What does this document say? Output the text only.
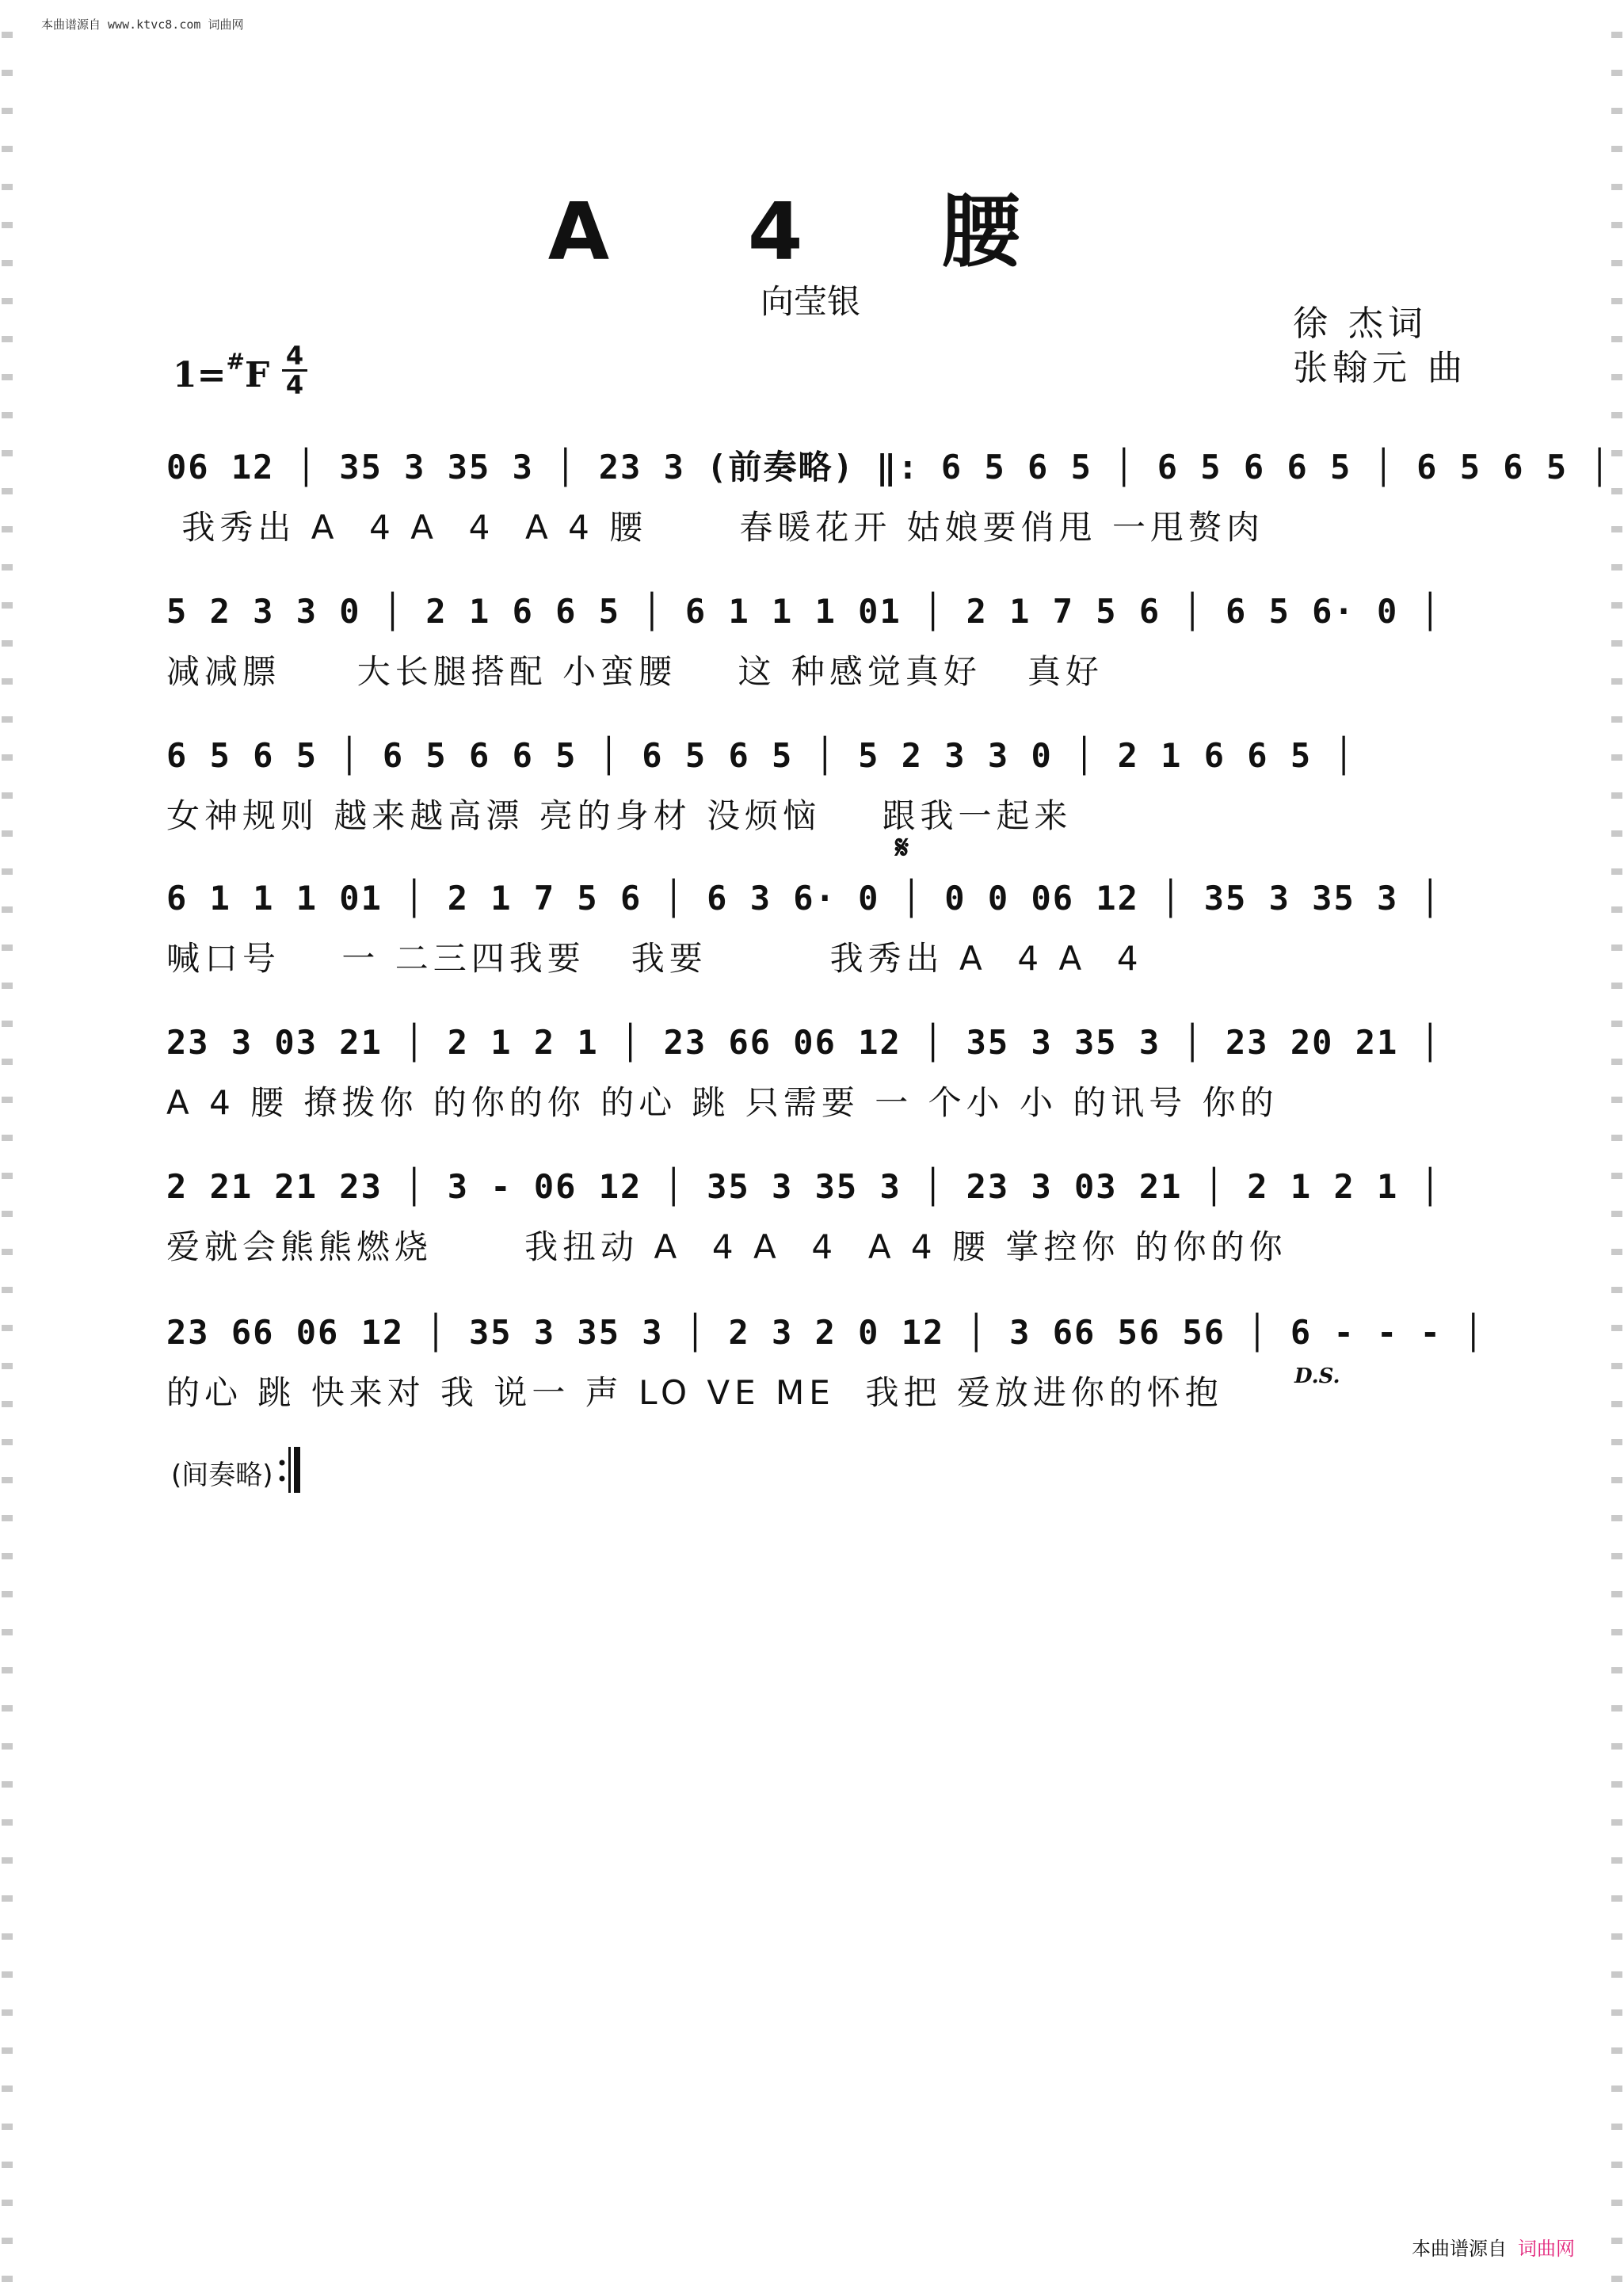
本曲谱源自 www.ktvc8.com 词曲网
A 4 腰
向莹银
徐 杰词
张翰元 曲
$1=^{\#}F \frac{4}{4}$
06 12 │ 35 3 35 3 │ 23 3 (前奏略) ‖: 6 5 6 5 │ 6 5 6 6 5 │ 6 5 6 5 │
我秀出 A  4 A  4  A 4 腰      春暖花开 姑娘要俏甩 一甩赘肉
5 2 3 3 0 │ 2 1 6 6 5 │ 6 1 1 1 01 │ 2 1 7 5 6 │ 6 5 6· 0 │
减减膘     大长腿搭配 小蛮腰    这 种感觉真好   真好
6 5 6 5 │ 6 5 6 6 5 │ 6 5 6 5 │ 5 2 3 3 0 │ 2 1 6 6 5 │
女神规则 越来越高漂 亮的身材 没烦恼    跟我一起来
6 1 1 1 01 │ 2 1 7 5 6 │ 6 3 6· 0 │ 0 0 06 12 │ 35 3 35 3 │
喊口号    一 二三四我要   我要        我秀出 A  4 A  4
23 3 03 21 │ 2 1 2 1 │ 23 66 06 12 │ 35 3 35 3 │ 23 20 21 │
A 4 腰 撩拨你 的你的你 的心 跳 只需要 一 个小 小 的讯号 你的
2 21 21 23 │ 3 - 06 12 │ 35 3 35 3 │ 23 3 03 21 │ 2 1 2 1 │
爱就会熊熊燃烧      我扭动 A  4 A  4  A 4 腰 掌控你 的你的你
23 66 06 12 │ 35 3 35 3 │ 2 3 2 0 12 │ 3 66 56 56 │ 6 - - - │
的心 跳 快来对 我 说一 声 LO VE ME  我把 爱放进你的怀抱
𝄋
D.S.
(间奏略)
本曲谱源自 词曲网
